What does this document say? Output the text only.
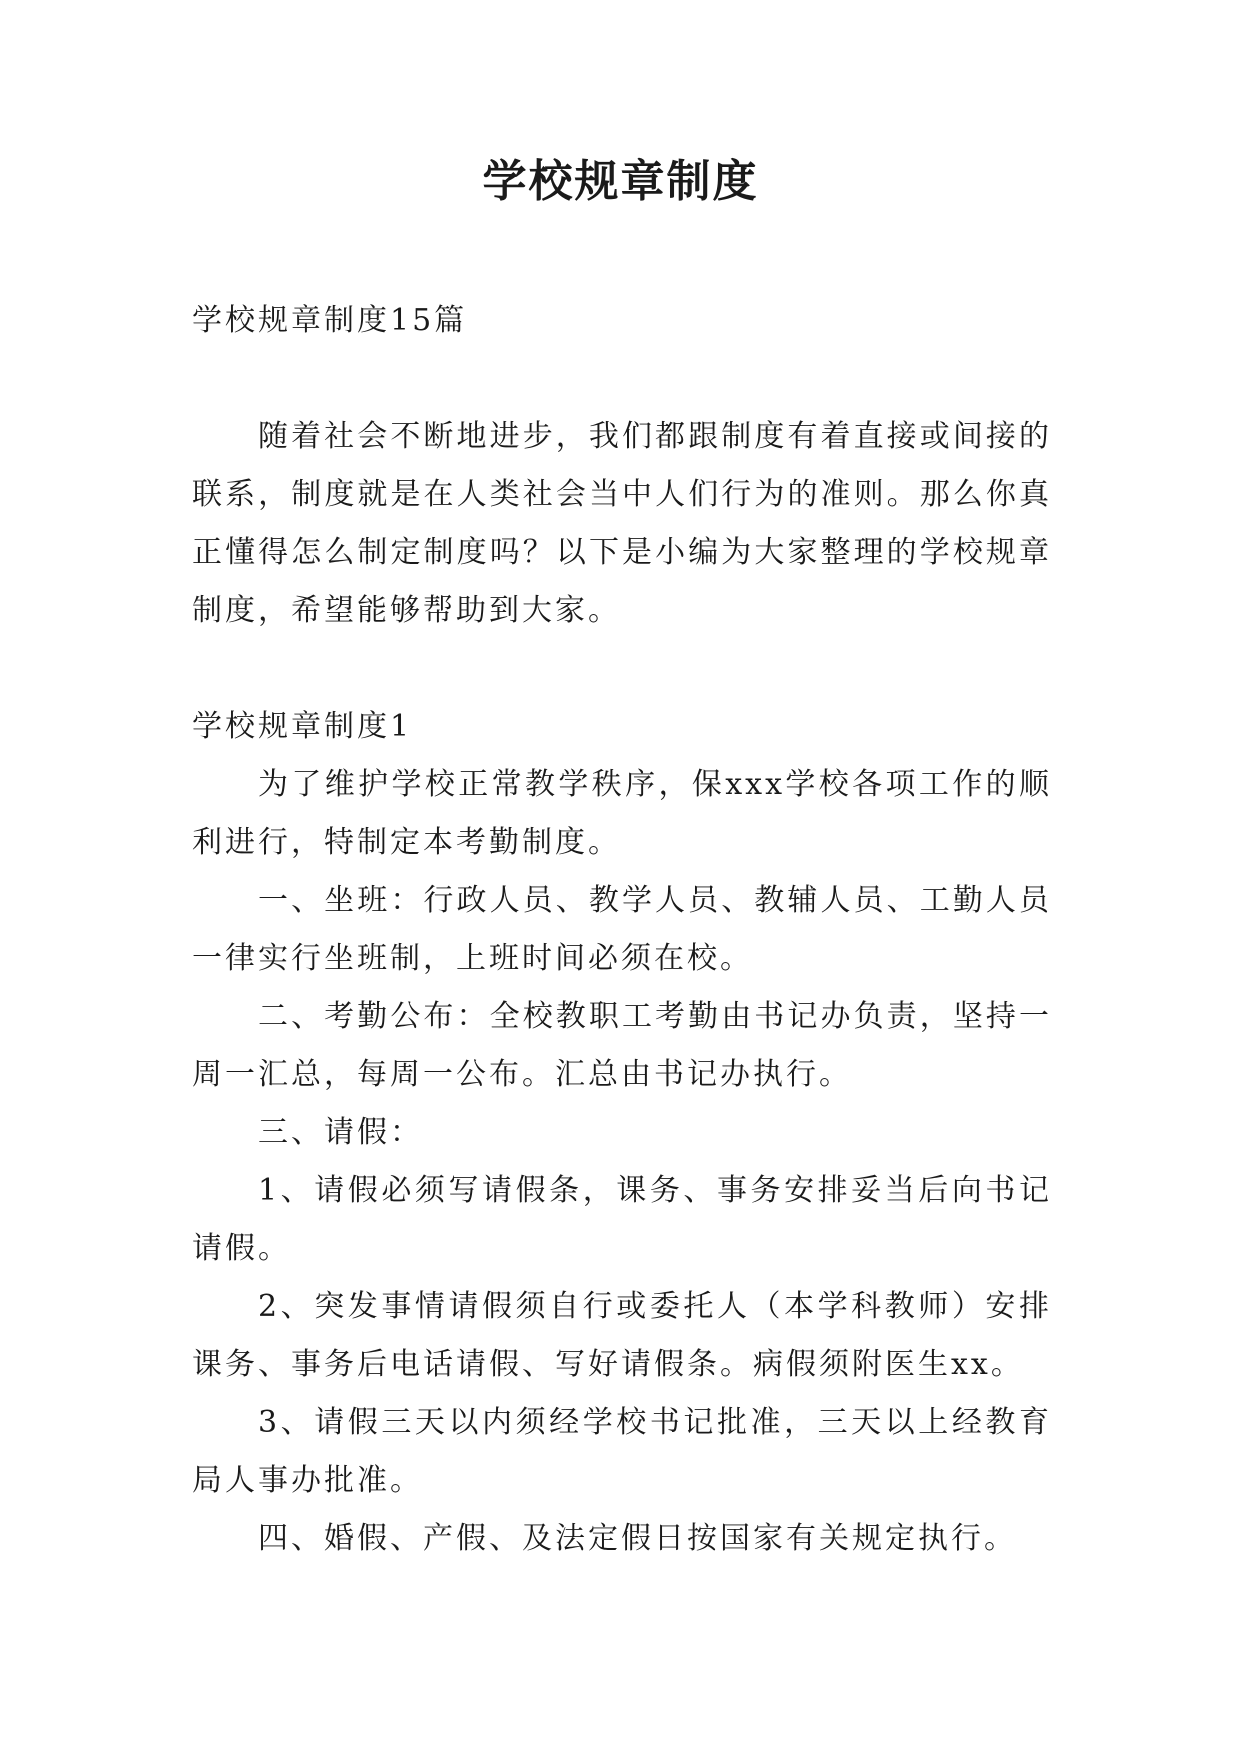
学校规章制度

学校规章制度15篇

随着社会不断地进步，我们都跟制度有着直接或间接的联系，制度就是在人类社会当中人们行为的准则。那么你真正懂得怎么制定制度吗？以下是小编为大家整理的学校规章制度，希望能够帮助到大家。

学校规章制度1

为了维护学校正常教学秩序，保xxx学校各项工作的顺利进行，特制定本考勤制度。

一、坐班：行政人员、教学人员、教辅人员、工勤人员一律实行坐班制，上班时间必须在校。

二、考勤公布：全校教职工考勤由书记办负责，坚持一周一汇总，每周一公布。汇总由书记办执行。

三、请假：

1、请假必须写请假条，课务、事务安排妥当后向书记请假。

2、突发事情请假须自行或委托人（本学科教师）安排课务、事务后电话请假、写好请假条。病假须附医生xx。

3、请假三天以内须经学校书记批准，三天以上经教育局人事办批准。

四、婚假、产假、及法定假日按国家有关规定执行。
